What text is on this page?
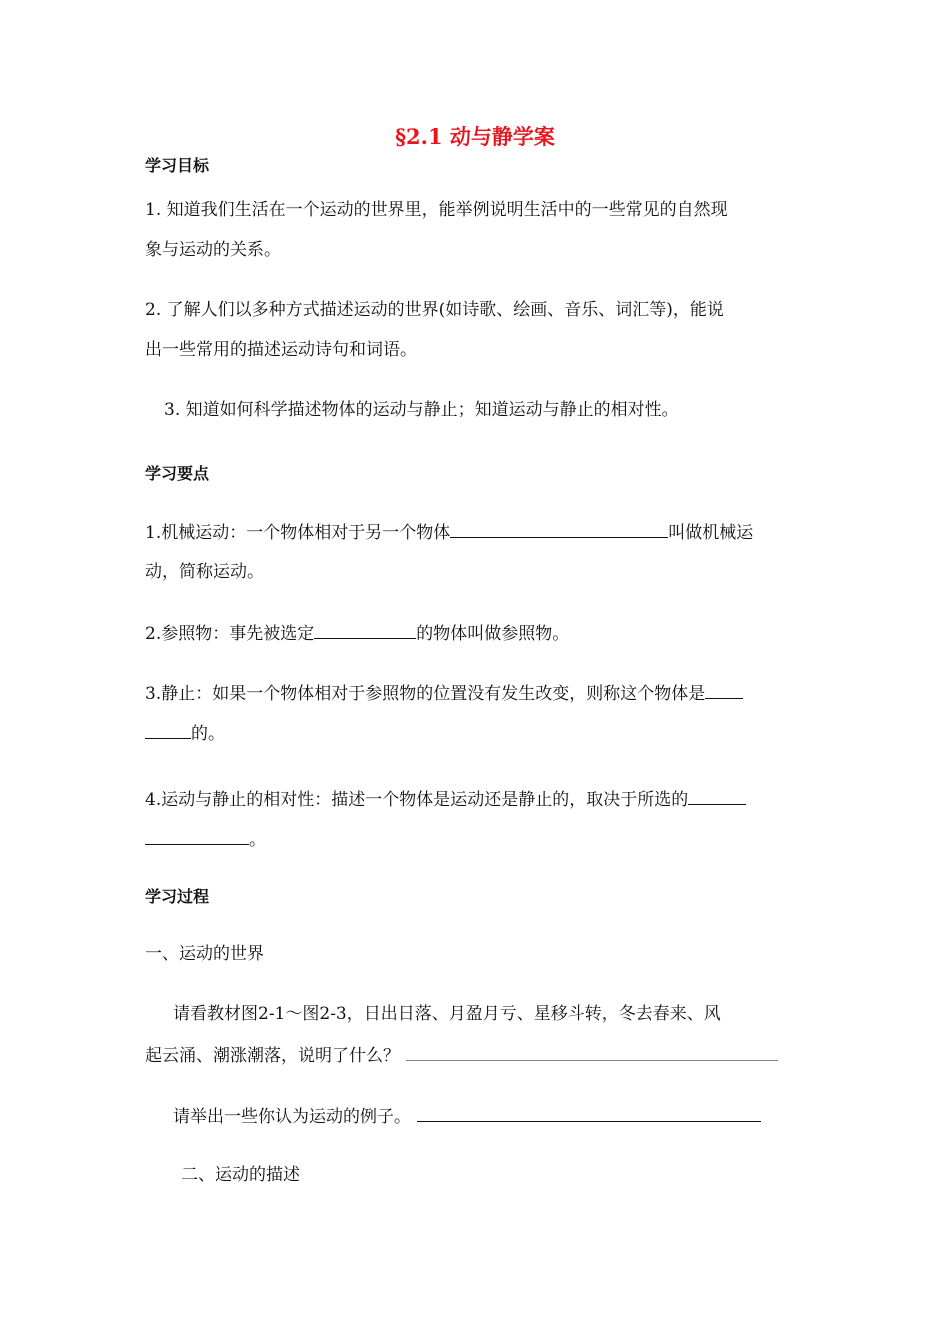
§2.1 动与静学案
学习目标
1. 知道我们生活在一个运动的世界里，能举例说明生活中的一些常见的自然现
象与运动的关系。
2. 了解人们以多种方式描述运动的世界(如诗歌、绘画、音乐、词汇等)，能说
出一些常用的描述运动诗句和词语。
3. 知道如何科学描述物体的运动与静止；知道运动与静止的相对性。
学习要点
1.机械运动：一个物体相对于另一个物体	叫做机械运
动，简称运动。
2.参照物：事先被选定	的物体叫做参照物。
3.静止：如果一个物体相对于参照物的位置没有发生改变，则称这个物体是
的。
4.运动与静止的相对性：描述一个物体是运动还是静止的，取决于所选的
。
学习过程
一、运动的世界
请看教材图2-1～图2-3，日出日落、月盈月亏、星移斗转，冬去春来、风
起云涌、潮涨潮落，说明了什么？
请举出一些你认为运动的例子。
二、运动的描述
